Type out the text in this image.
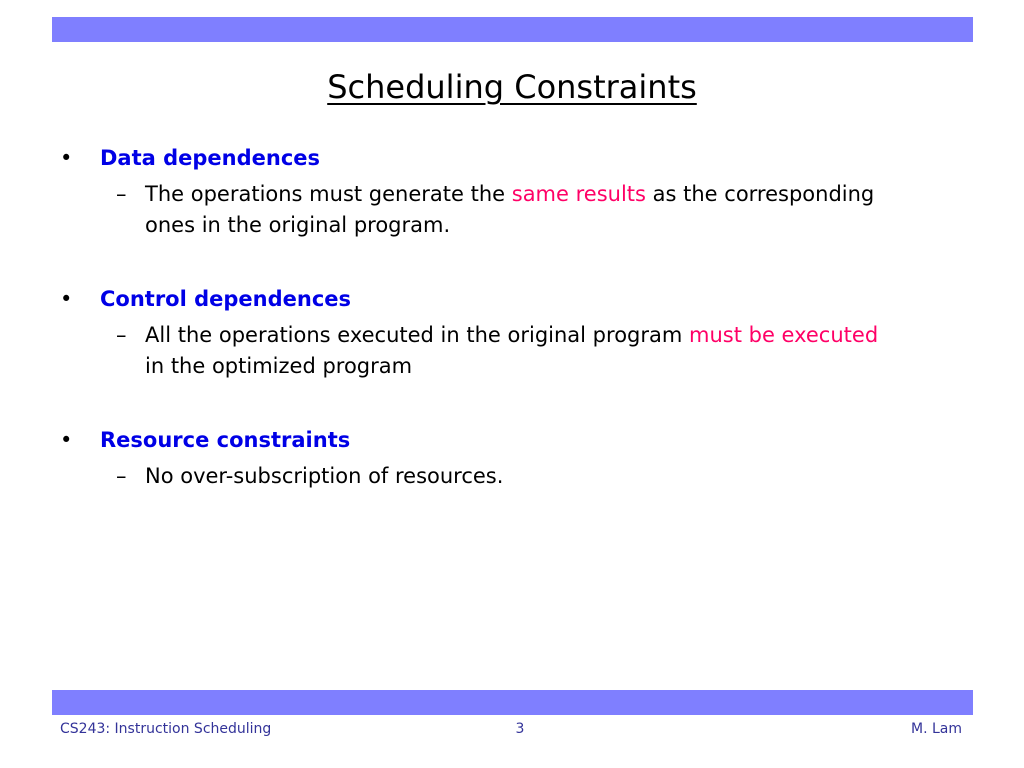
Scheduling Constraints
• Data dependences
– The operations must generate the same results as the corresponding ones in the original program.
• Control dependences
– All the operations executed in the original program must be executed in the optimized program
• Resource constraints
– No over-subscription of resources.
CS243: Instruction Scheduling	3	M. Lam
